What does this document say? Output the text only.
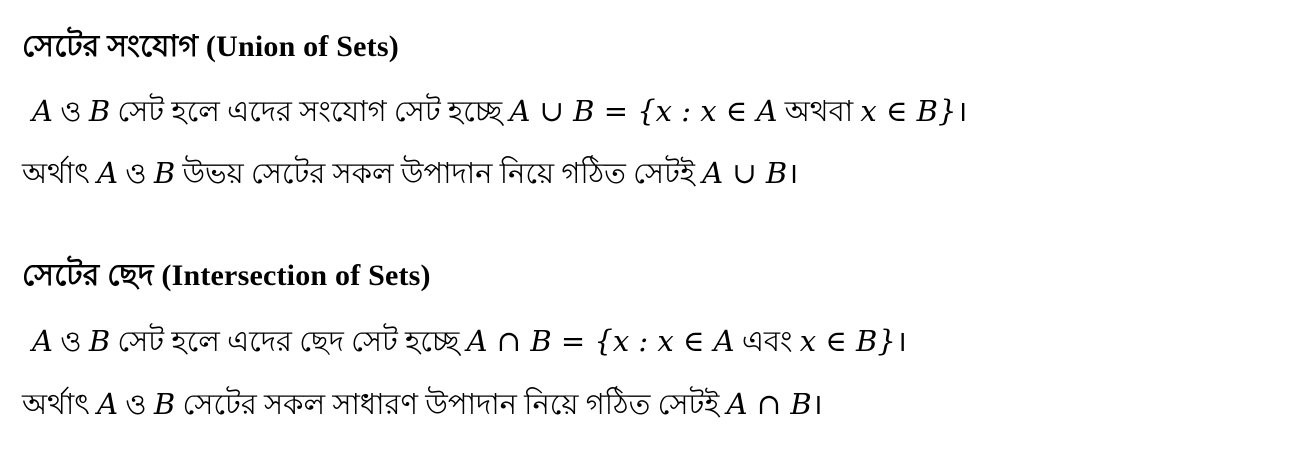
সেটের সংযোগ (Union of Sets)
A ও B সেট হলে এদের সংযোগ সেট হচ্ছে A ∪ B = {x : x ∈ A অথবা x ∈ B}।
অর্থাৎ A ও B উভয় সেটের সকল উপাদান নিয়ে গঠিত সেটই A ∪ B।
সেটের ছেদ (Intersection of Sets)
A ও B সেট হলে এদের ছেদ সেট হচ্ছে A ∩ B = {x : x ∈ A এবং x ∈ B}।
অর্থাৎ A ও B সেটের সকল সাধারণ উপাদান নিয়ে গঠিত সেটই A ∩ B।
